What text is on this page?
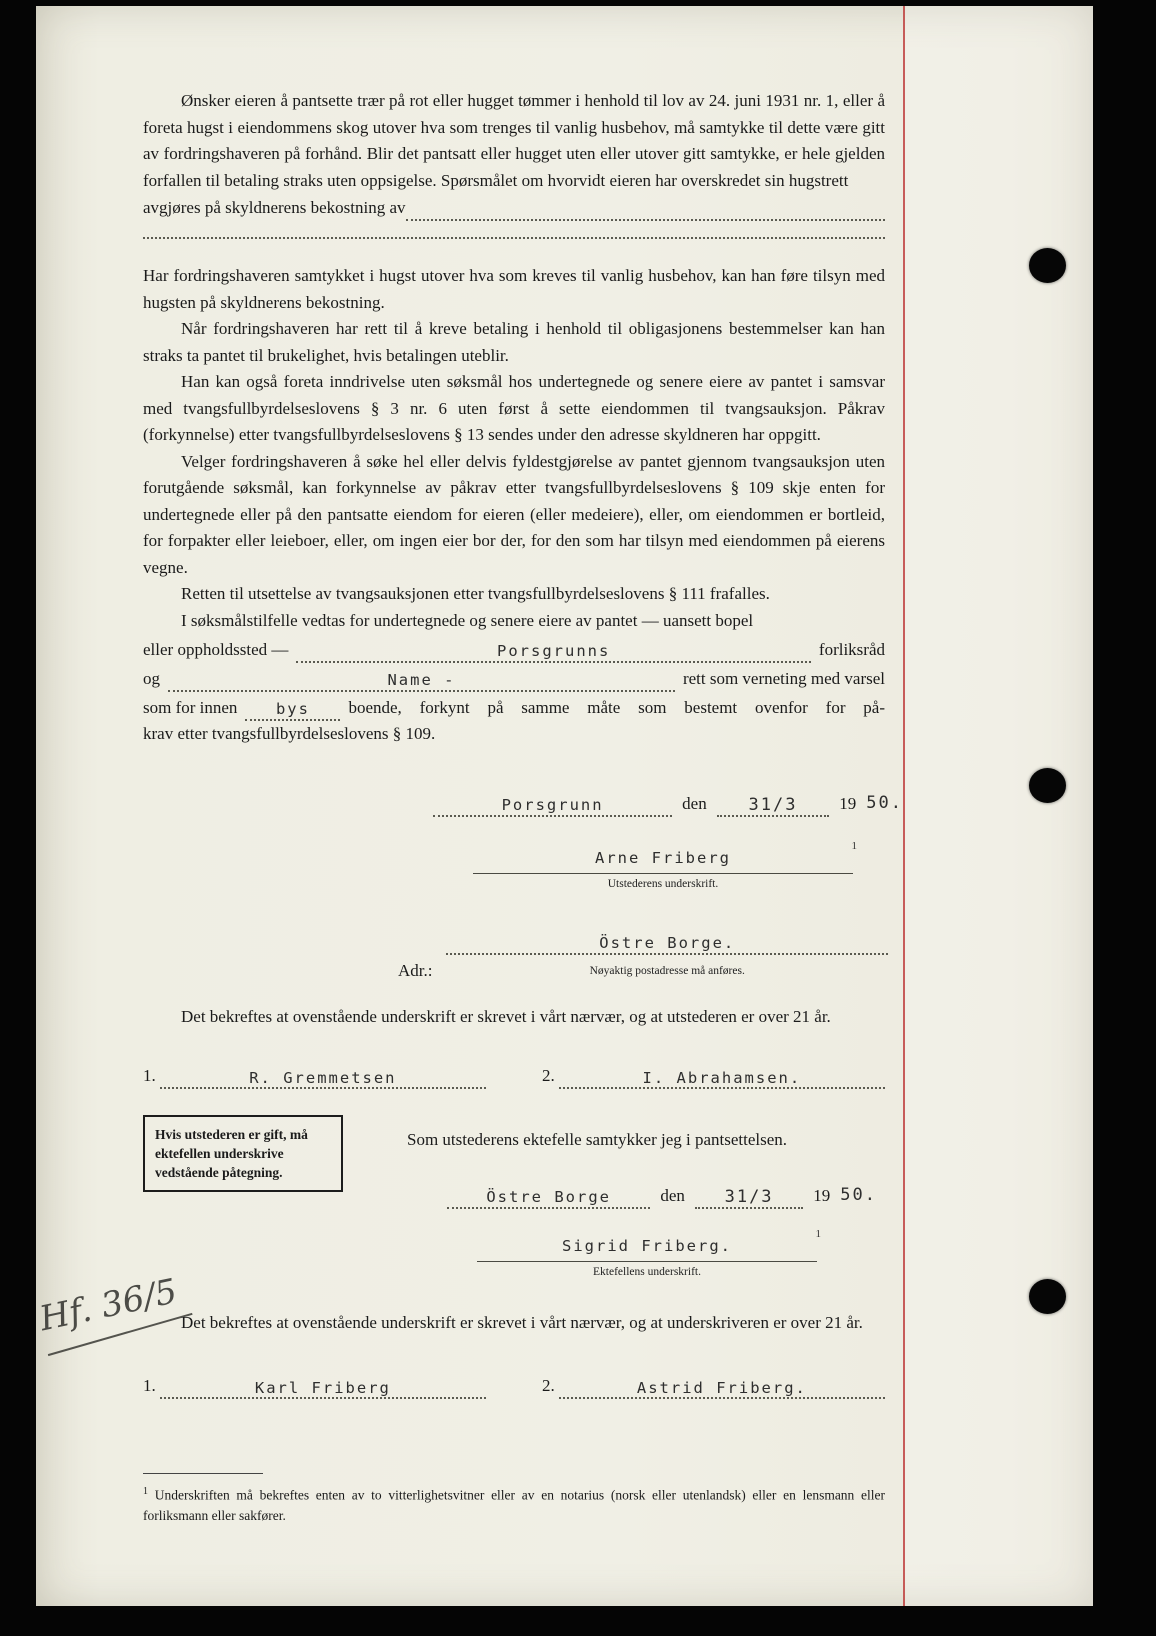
Hf. 36/5

Ønsker eieren å pantsette trær på rot eller hugget tømmer i henhold til lov av 24. juni 1931 nr. 1, eller å foreta hugst i eiendommens skog utover hva som trenges til vanlig husbehov, må samtykke til dette være gitt av fordringshaveren på forhånd. Blir det pantsatt eller hugget uten eller utover gitt samtykke, er hele gjelden forfallen til betaling straks uten oppsigelse. Spørsmålet om hvorvidt eieren har overskredet sin hugstrett

avgjøres på skyldnerens bekostning av

Har fordringshaveren samtykket i hugst utover hva som kreves til vanlig husbehov, kan han føre tilsyn med hugsten på skyldnerens bekostning.

Når fordringshaveren har rett til å kreve betaling i henhold til obligasjonens bestemmelser kan han straks ta pantet til brukelighet, hvis betalingen uteblir.

Han kan også foreta inndrivelse uten søksmål hos undertegnede og senere eiere av pantet i samsvar med tvangsfullbyrdelseslovens § 3 nr. 6 uten først å sette eiendommen til tvangsauksjon. Påkrav (forkynnelse) etter tvangsfullbyrdelseslovens § 13 sendes under den adresse skyldneren har oppgitt.

Velger fordringshaveren å søke hel eller delvis fyldestgjørelse av pantet gjennom tvangsauksjon uten forutgående søksmål, kan forkynnelse av påkrav etter tvangsfullbyrdelseslovens § 109 skje enten for undertegnede eller på den pantsatte eiendom for eieren (eller medeiere), eller, om eiendommen er bortleid, for forpakter eller leieboer, eller, om ingen eier bor der, for den som har tilsyn med eiendommen på eierens vegne.

Retten til utsettelse av tvangsauksjonen etter tvangsfullbyrdelseslovens § 111 frafalles.

I søksmålstilfelle vedtas for undertegnede og senere eiere av pantet — uansett bopel

eller oppholdssted —	Porsgrunns	forliksråd
og	Name -	rett som verneting med varsel
som for innen	bys	boende, forkynt på samme måte som bestemt ovenfor for på-

krav etter tvangsfullbyrdelseslovens § 109.

Porsgrunn	den	31/3	19 50.
Arne Friberg
1
Utstederens underskrift.
Adr.:
Östre Borge.
Nøyaktig postadresse må anføres.

Det bekreftes at ovenstående underskrift er skrevet i vårt nærvær, og at utstederen er over 21 år.

1.	R. Gremmetsen	2.	I. Abrahamsen.
Hvis utstederen er gift, må ektefellen underskrive vedstående påtegning.

Som utstederens ektefelle samtykker jeg i pantsettelsen.

Östre Borge	den	31/3	19 50.
Sigrid Friberg.
1
Ektefellens underskrift.

Det bekreftes at ovenstående underskrift er skrevet i vårt nærvær, og at underskriveren er over 21 år.

1.	Karl Friberg	2.	Astrid Friberg.

$^1$ Underskriften må bekreftes enten av to vitterlighetsvitner eller av en notarius (norsk eller utenlandsk) eller en lensmann eller forliksmann eller sakfører.
